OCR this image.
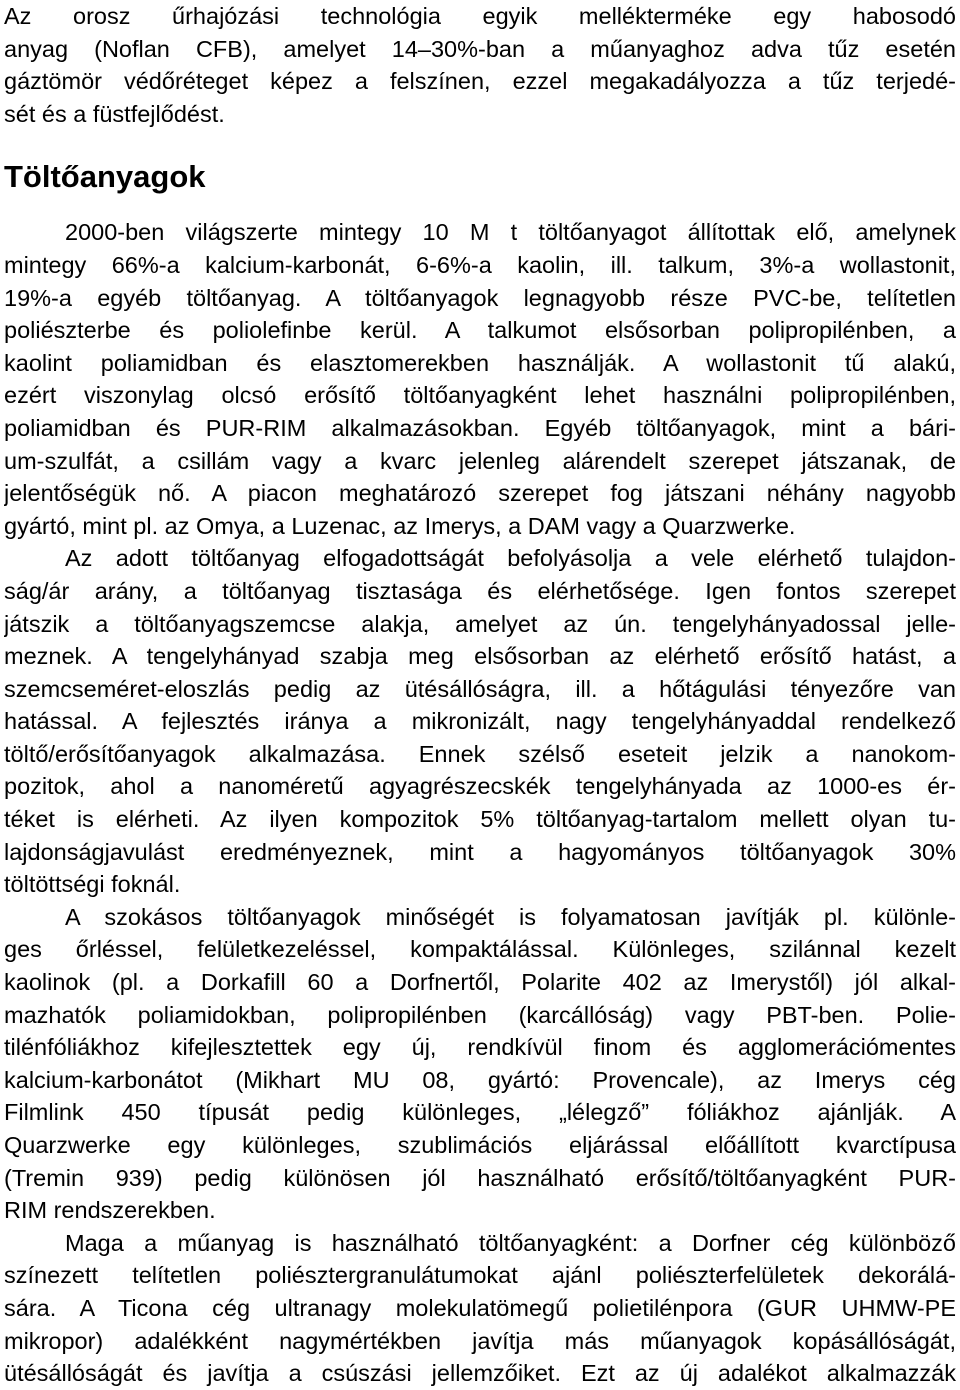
Az orosz űrhajózási technológia egyik mellékterméke egy habosodó
anyag (Noflan CFB), amelyet 14–30%-ban a műanyaghoz adva tűz esetén
gáztömör védőréteget képez a felszínen, ezzel megakadályozza a tűz terjedé-
sét és a füstfejlődést.
Töltőanyagok
2000-ben világszerte mintegy 10 M t töltőanyagot állítottak elő, amelynek
mintegy 66%-a kalcium-karbonát, 6-6%-a kaolin, ill. talkum, 3%-a wollastonit,
19%-a egyéb töltőanyag. A töltőanyagok legnagyobb része PVC-be, telítetlen
poliészterbe és poliolefinbe kerül. A talkumot elsősorban polipropilénben, a
kaolint poliamidban és elasztomerekben használják. A wollastonit tű alakú,
ezért viszonylag olcsó erősítő töltőanyagként lehet használni polipropilénben,
poliamidban és PUR-RIM alkalmazásokban. Egyéb töltőanyagok, mint a bári-
um-szulfát, a csillám vagy a kvarc jelenleg alárendelt szerepet játszanak, de
jelentőségük nő. A piacon meghatározó szerepet fog játszani néhány nagyobb
gyártó, mint pl. az Omya, a Luzenac, az Imerys, a DAM vagy a Quarzwerke.
Az adott töltőanyag elfogadottságát befolyásolja a vele elérhető tulajdon-
ság/ár arány, a töltőanyag tisztasága és elérhetősége. Igen fontos szerepet
játszik a töltőanyagszemcse alakja, amelyet az ún. tengelyhányadossal jelle-
meznek. A tengelyhányad szabja meg elsősorban az elérhető erősítő hatást, a
szemcseméret-eloszlás pedig az ütésállóságra, ill. a hőtágulási tényezőre van
hatással. A fejlesztés iránya a mikronizált, nagy tengelyhányaddal rendelkező
töltő/erősítőanyagok alkalmazása. Ennek szélső eseteit jelzik a nanokom-
pozitok, ahol a nanoméretű agyagrészecskék tengelyhányada az 1000-es ér-
téket is elérheti. Az ilyen kompozitok 5% töltőanyag-tartalom mellett olyan tu-
lajdonságjavulást eredményeznek, mint a hagyományos töltőanyagok 30%
töltöttségi foknál.
A szokásos töltőanyagok minőségét is folyamatosan javítják pl. különle-
ges őrléssel, felületkezeléssel, kompaktálással. Különleges, szilánnal kezelt
kaolinok (pl. a Dorkafill 60 a Dorfnertől, Polarite 402 az Imerystől) jól alkal-
mazhatók poliamidokban, polipropilénben (karcállóság) vagy PBT-ben. Polie-
tilénfóliákhoz kifejlesztettek egy új, rendkívül finom és agglomerációmentes
kalcium-karbonátot (Mikhart MU 08, gyártó: Provencale), az Imerys cég
Filmlink 450 típusát pedig különleges, „lélegző” fóliákhoz ajánlják. A
Quarzwerke egy különleges, szublimációs eljárással előállított kvarctípusa
(Tremin 939) pedig különösen jól használható erősítő/töltőanyagként PUR-
RIM rendszerekben.
Maga a műanyag is használható töltőanyagként: a Dorfner cég különböző
színezett telítetlen poliésztergranulátumokat ajánl poliészterfelületek dekorálá-
sára. A Ticona cég ultranagy molekulatömegű polietilénpora (GUR UHMW-PE
mikropor) adalékként nagymértékben javítja más műanyagok kopásállóságát,
ütésállóságát és javítja a csúszási jellemzőiket. Ezt az új adalékot alkalmazzák
